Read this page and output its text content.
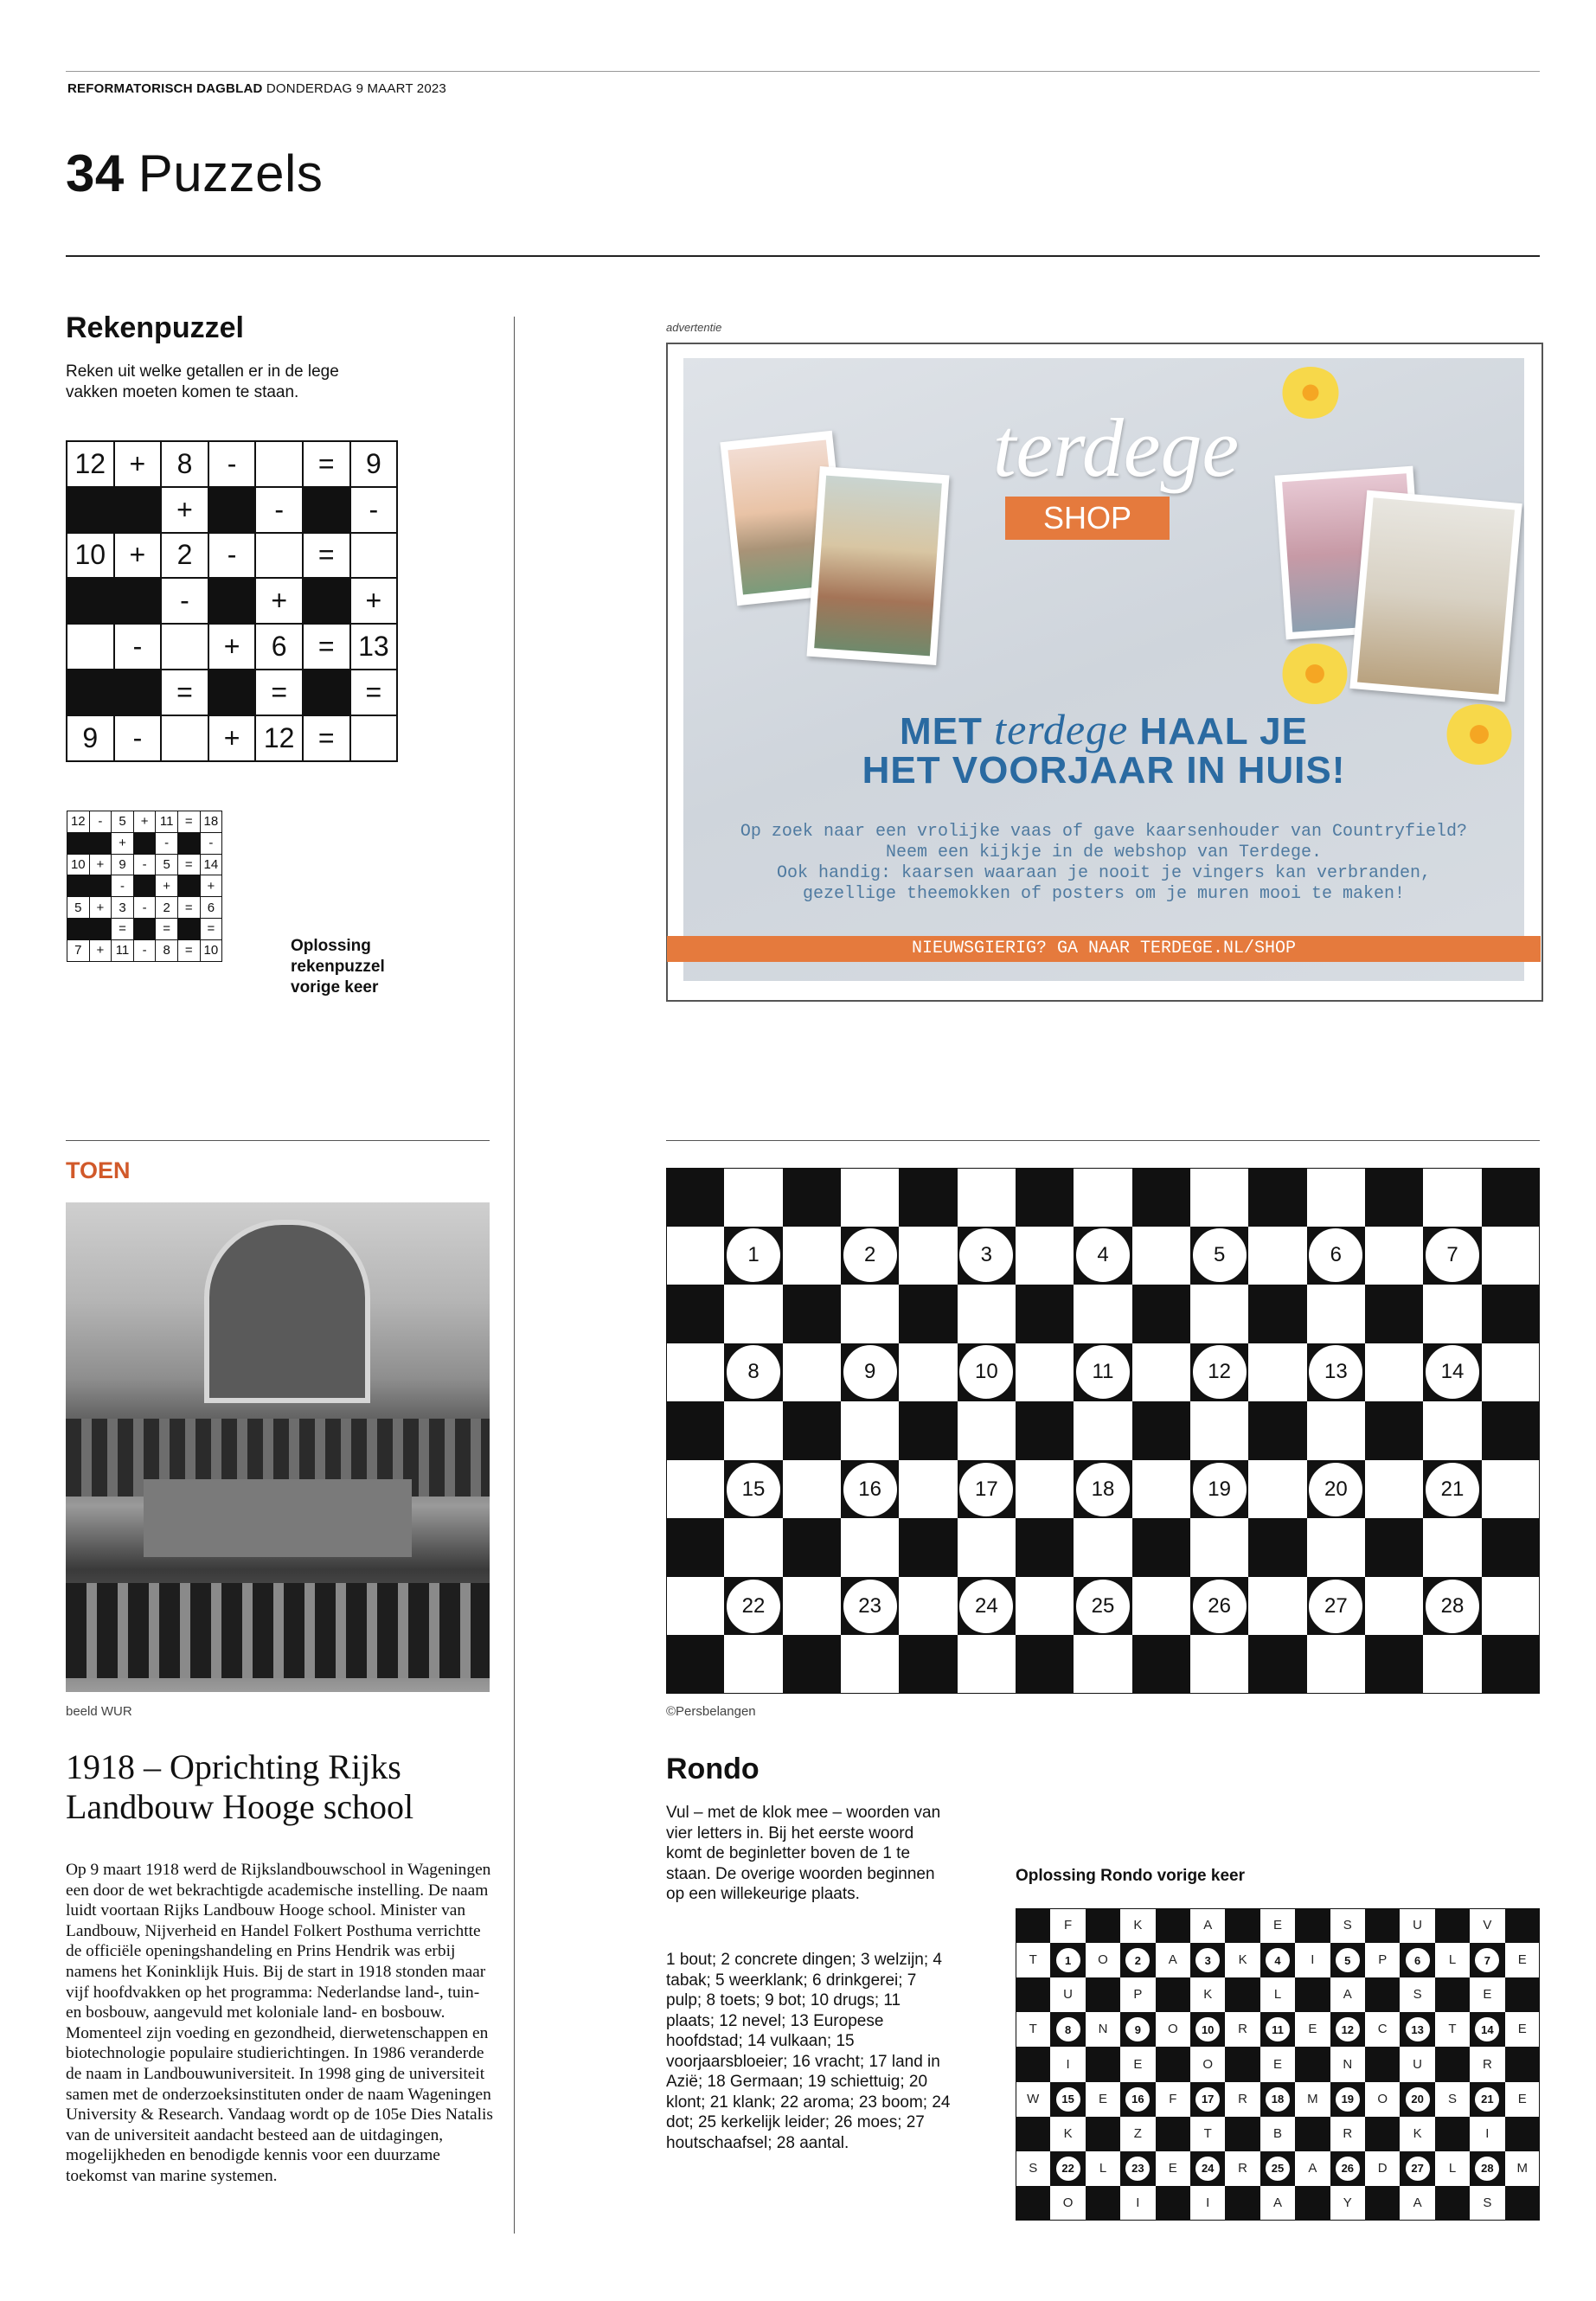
REFORMATORISCH DAGBLAD DONDERDAG 9 MAART 2023
34 Puzzels
Rekenpuzzel
Reken uit welke getallen er in de lege vakken moeten komen te staan.
12	+	8	-		=	9
		+		-		-
10	+	2	-		=	
		-		+		+
	-		+	6	=	13
		=		=		=
9	-		+	12	=	
12	-	5	+	11	=	18
		+		-		-
10	+	9	-	5	=	14
		-		+		+
5	+	3	-	2	=	6
		=		=		=
7	+	11	-	8	=	10	Oplossing rekenpuzzel vorige keer
advertentie
terdege
SHOP
MET terdege HAAL JE
HET VOORJAAR IN HUIS!
Op zoek naar een vrolijke vaas of gave kaarsenhouder van Countryfield?
Neem een kijkje in de webshop van Terdege.
Ook handig: kaarsen waaraan je nooit je vingers kan verbranden,
gezellige theemokken of posters om je muren mooi te maken!
NIEUWSGIERIG? GA NAAR TERDEGE.NL/SHOP
TOEN
beeld WUR
1918 – Oprichting Rijks Landbouw Hooge school
Op 9 maart 1918 werd de Rijkslandbouwschool in Wageningen een door de wet bekrachtigde academische instelling. De naam luidt voortaan Rijks Landbouw Hooge school. Minister van Landbouw, Nijverheid en Handel Folkert Posthuma verrichtte de officiële openingshandeling en Prins Hendrik was erbij namens het Koninklijk Huis. Bij de start in 1918 stonden maar vijf hoofdvakken op het programma: Nederlandse land-, tuin- en bosbouw, aangevuld met koloniale land- en bosbouw. Momenteel zijn voeding en gezondheid, dierwetenschappen en biotechnologie populaire studierichtingen. In 1986 veranderde de naam in Landbouwuniversiteit. In 1998 ging de universiteit samen met de onderzoeksinstituten onder de naam Wageningen University & Research. Vandaag wordt op de 105e Dies Natalis van de universiteit aandacht besteed aan de uitdagingen, mogelijkheden en benodigde kennis voor een duurzame toekomst van marine systemen.
1	2	3	4	5	6	7
8	9	10	11	12	13	14
15	16	17	18	19	20	21
22	23	24	25	26	27	28
©Persbelangen
Rondo
Vul – met de klok mee – woorden van vier letters in. Bij het eerste woord komt de beginletter boven de 1 te staan. De overige woorden beginnen op een willekeurige plaats.
1 bout; 2 concrete dingen; 3 welzijn; 4 tabak; 5 weerklank; 6 drinkgerei; 7 pulp; 8 toets; 9 bot; 10 drugs; 11 plaats; 12 nevel; 13 Europese hoofdstad; 14 vulkaan; 15 voorjaarsbloeier; 16 vracht; 17 land in Azië; 18 Germaan; 19 schiettuig; 20 klont; 21 klank; 22 aroma; 23 boom; 24 dot; 25 kerkelijk leider; 26 moes; 27 houtschaafsel; 28 aantal.
Oplossing Rondo vorige keer
F	K	A	E	S	U	V
T	1	O	2	A	3	K	4	I	5	P	6	L	7	E
U	P	K	L	A	S	E
T	8	N	9	O	10	R	11	E	12	C	13	T	14	E
I	E	O	E	N	U	R
W	15	E	16	F	17	R	18	M	19	O	20	S	21	E
K	Z	T	B	R	K	I
S	22	L	23	E	24	R	25	A	26	D	27	L	28	M
O	I	I	A	Y	A	S
